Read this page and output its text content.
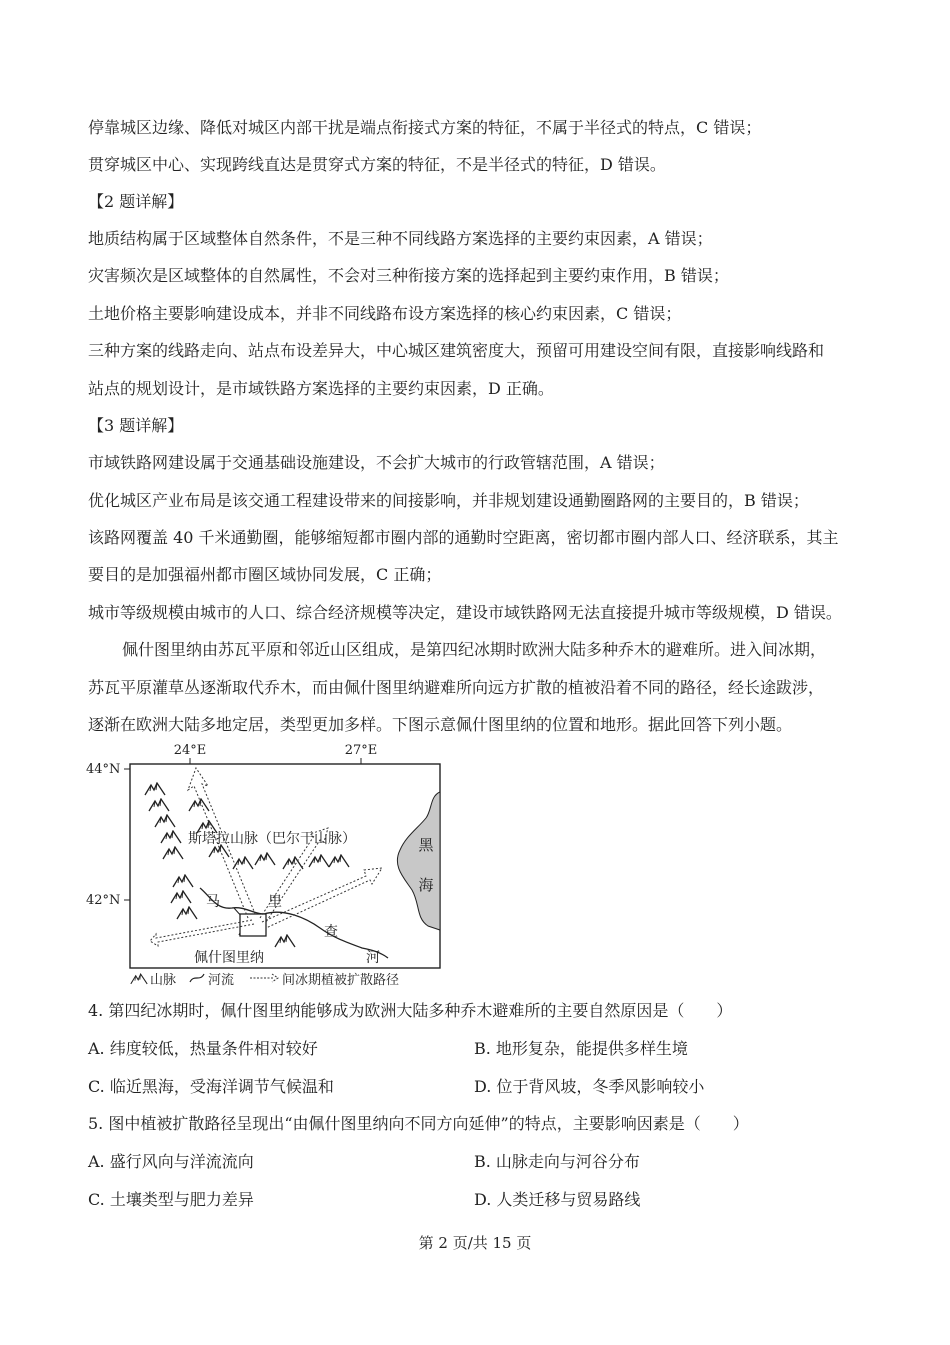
停靠城区边缘、降低对城区内部干扰是端点衔接式方案的特征，不属于半径式的特点，C 错误；
贯穿城区中心、实现跨线直达是贯穿式方案的特征，不是半径式的特征，D 错误。
【2 题详解】
地质结构属于区域整体自然条件，不是三种不同线路方案选择的主要约束因素，A 错误；
灾害频次是区域整体的自然属性，不会对三种衔接方案的选择起到主要约束作用，B 错误；
土地价格主要影响建设成本，并非不同线路布设方案选择的核心约束因素，C 错误；
三种方案的线路走向、站点布设差异大，中心城区建筑密度大，预留可用建设空间有限，直接影响线路和
站点的规划设计，是市域铁路方案选择的主要约束因素，D 正确。
【3 题详解】
市域铁路网建设属于交通基础设施建设，不会扩大城市的行政管辖范围，A 错误；
优化城区产业布局是该交通工程建设带来的间接影响，并非规划建设通勤圈路网的主要目的，B 错误；
该路网覆盖 40 千米通勤圈，能够缩短都市圈内部的通勤时空距离，密切都市圈内部人口、经济联系，其主
要目的是加强福州都市圈区域协同发展，C 正确；
城市等级规模由城市的人口、综合经济规模等决定，建设市域铁路网无法直接提升城市等级规模，D 错误。
佩什图里纳由苏瓦平原和邻近山区组成，是第四纪冰期时欧洲大陆多种乔木的避难所。进入间冰期，
苏瓦平原灌草丛逐渐取代乔木，而由佩什图里纳避难所向远方扩散的植被沿着不同的路径，经长途跋涉，
逐渐在欧洲大陆多地定居，类型更加多样。下图示意佩什图里纳的位置和地形。据此回答下列小题。
24°E	27°E
44°N
42°N
黑
海
斯塔拉山脉（巴尔干山脉）
马	里
查
河
佩什图里纳
山脉 河流	间冰期植被扩散路径
4. 第四纪冰期时，佩什图里纳能够成为欧洲大陆多种乔木避难所的主要自然原因是（　　）
A. 纬度较低，热量条件相对较好	B. 地形复杂，能提供多样生境
C. 临近黑海，受海洋调节气候温和	D. 位于背风坡，冬季风影响较小
5. 图中植被扩散路径呈现出“由佩什图里纳向不同方向延伸”的特点，主要影响因素是（　　）
A. 盛行风向与洋流流向	B. 山脉走向与河谷分布
C. 土壤类型与肥力差异	D. 人类迁移与贸易路线
第 2 页/共 15 页
